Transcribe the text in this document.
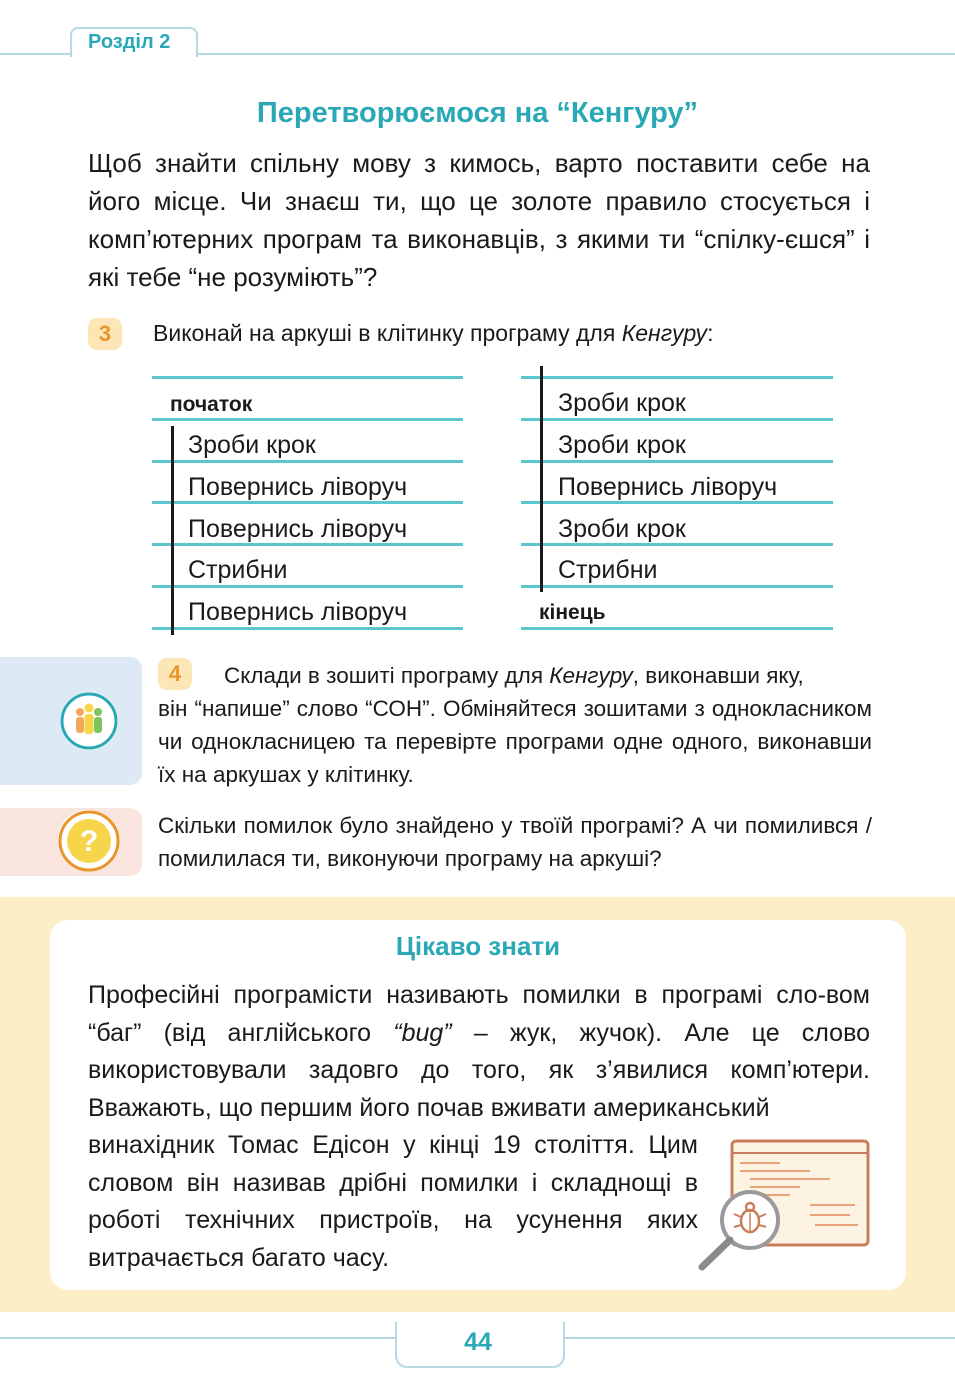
Розділ 2
Перетворюємося на “Кенгуру”
Щоб знайти спільну мову з кимось, варто поставити себе на його місце. Чи знаєш ти, що це золоте правило стосується і комп’ютерних програм та виконавців, з якими ти “спілку-єшся” і які тебе “не розуміють”?
3	Виконай на аркуші в клітинку програму для Кенгуру:
початок
Зроби крок
Повернись ліворуч
Повернись ліворуч
Стрибни
Повернись ліворуч
Зроби крок
Зроби крок
Повернись ліворуч
Зроби крок
Стрибни
кінець
4	Склади в зошиті програму для Кенгуру, виконавши яку,
він “напише” слово “СОН”. Обміняйтеся зошитами з однокласником чи однокласницею та перевірте програми одне одного, виконавши їх на аркушах у клітинку.
?	Скільки помилок було знайдено у твоїй програмі? А чи помилився / помилилася ти, виконуючи програму на аркуші?
Цікаво знати
Професійні програмісти називають помилки в програмі сло-вом “баг” (від англійського “bug” – жук, жучок). Але це слово використовували задовго до того, як з’явилися комп’ютери. Вважають, що першим його почав вживати американський
винахідник Томас Едісон у кінці 19 століття. Цим словом він називав дрібні помилки і складнощі в роботі технічних пристроїв, на усунення яких витрачається багато часу.
44
